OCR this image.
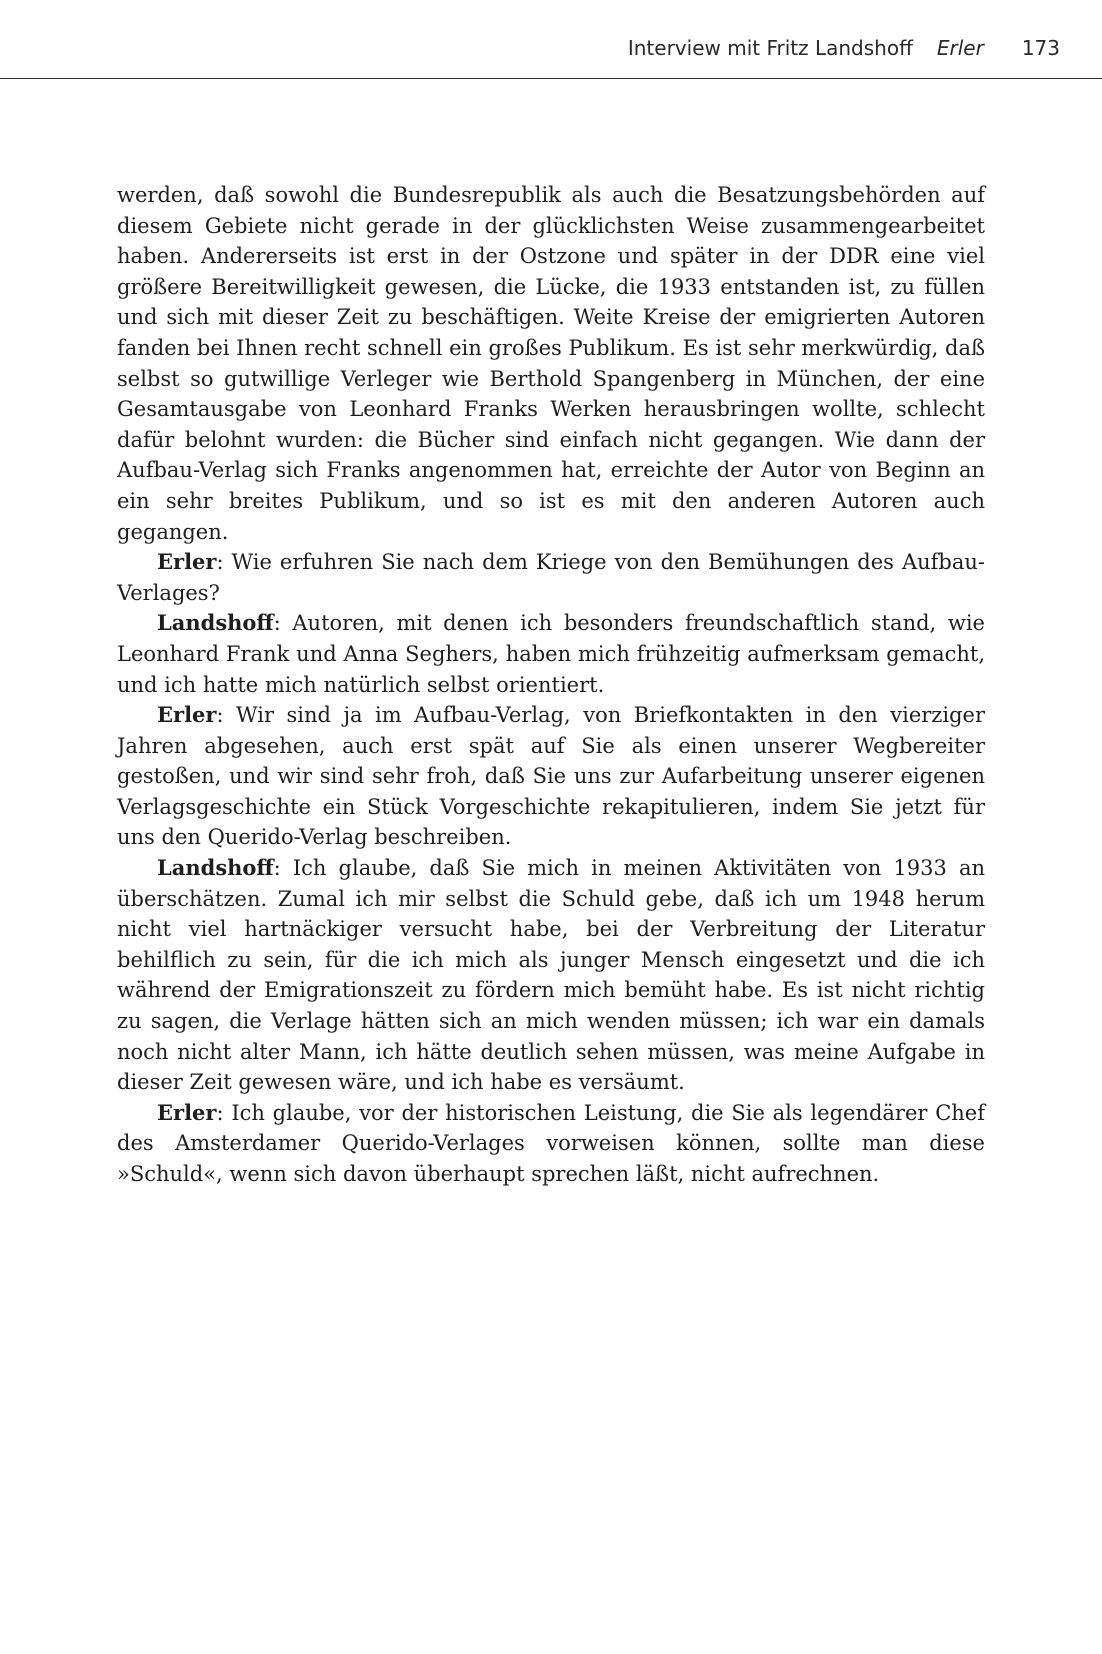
Interview mit Fritz Landshoff Erler 173

werden, daß sowohl die Bundesrepublik als auch die Besatzungsbehörden auf diesem Gebiete nicht gerade in der glücklichsten Weise zusammengearbeitet haben. Andererseits ist erst in der Ostzone und später in der DDR eine viel größere Bereitwilligkeit gewesen, die Lücke, die 1933 entstanden ist, zu füllen und sich mit dieser Zeit zu beschäftigen. Weite Kreise der emigrierten Autoren fanden bei Ihnen recht schnell ein großes Publikum. Es ist sehr merkwürdig, daß selbst so gutwillige Verleger wie Berthold Spangenberg in München, der eine Gesamtausgabe von Leonhard Franks Werken herausbringen wollte, schlecht dafür belohnt wurden: die Bücher sind einfach nicht gegangen. Wie dann der Aufbau-Verlag sich Franks angenommen hat, erreichte der Autor von Beginn an ein sehr breites Publikum, und so ist es mit den anderen Autoren auch gegangen.

Erler: Wie erfuhren Sie nach dem Kriege von den Bemühungen des Aufbau-Verlages?

Landshoff: Autoren, mit denen ich besonders freundschaftlich stand, wie Leonhard Frank und Anna Seghers, haben mich frühzeitig aufmerksam gemacht, und ich hatte mich natürlich selbst orientiert.

Erler: Wir sind ja im Aufbau-Verlag, von Briefkontakten in den vierziger Jahren abgesehen, auch erst spät auf Sie als einen unserer Wegbereiter gestoßen, und wir sind sehr froh, daß Sie uns zur Aufarbeitung unserer eigenen Verlagsgeschichte ein Stück Vorgeschichte rekapitulieren, indem Sie jetzt für uns den Querido-Verlag beschreiben.

Landshoff: Ich glaube, daß Sie mich in meinen Aktivitäten von 1933 an überschätzen. Zumal ich mir selbst die Schuld gebe, daß ich um 1948 herum nicht viel hartnäckiger versucht habe, bei der Verbreitung der Literatur behilflich zu sein, für die ich mich als junger Mensch eingesetzt und die ich während der Emigrationszeit zu fördern mich bemüht habe. Es ist nicht richtig zu sagen, die Verlage hätten sich an mich wenden müssen; ich war ein damals noch nicht alter Mann, ich hätte deutlich sehen müssen, was meine Aufgabe in dieser Zeit gewesen wäre, und ich habe es versäumt.

Erler: Ich glaube, vor der historischen Leistung, die Sie als legendärer Chef des Amsterdamer Querido-Verlages vorweisen können, sollte man diese »Schuld«, wenn sich davon überhaupt sprechen läßt, nicht aufrechnen.
